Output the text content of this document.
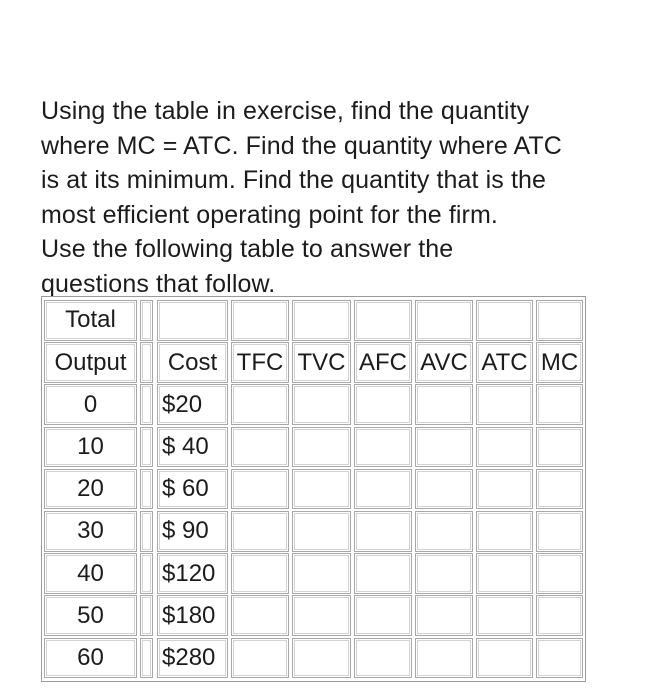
Using the table in exercise, find the quantity
where MC = ATC. Find the quantity where ATC
is at its minimum. Find the quantity that is the
most efficient operating point for the firm.
Use the following table to answer the
questions that follow.
Total
Output	Cost TFC TVC AFC AVC ATC MC
0	$20
10	$ 40
20	$ 60
30	$ 90
40	$120
50	$180
60	$280
